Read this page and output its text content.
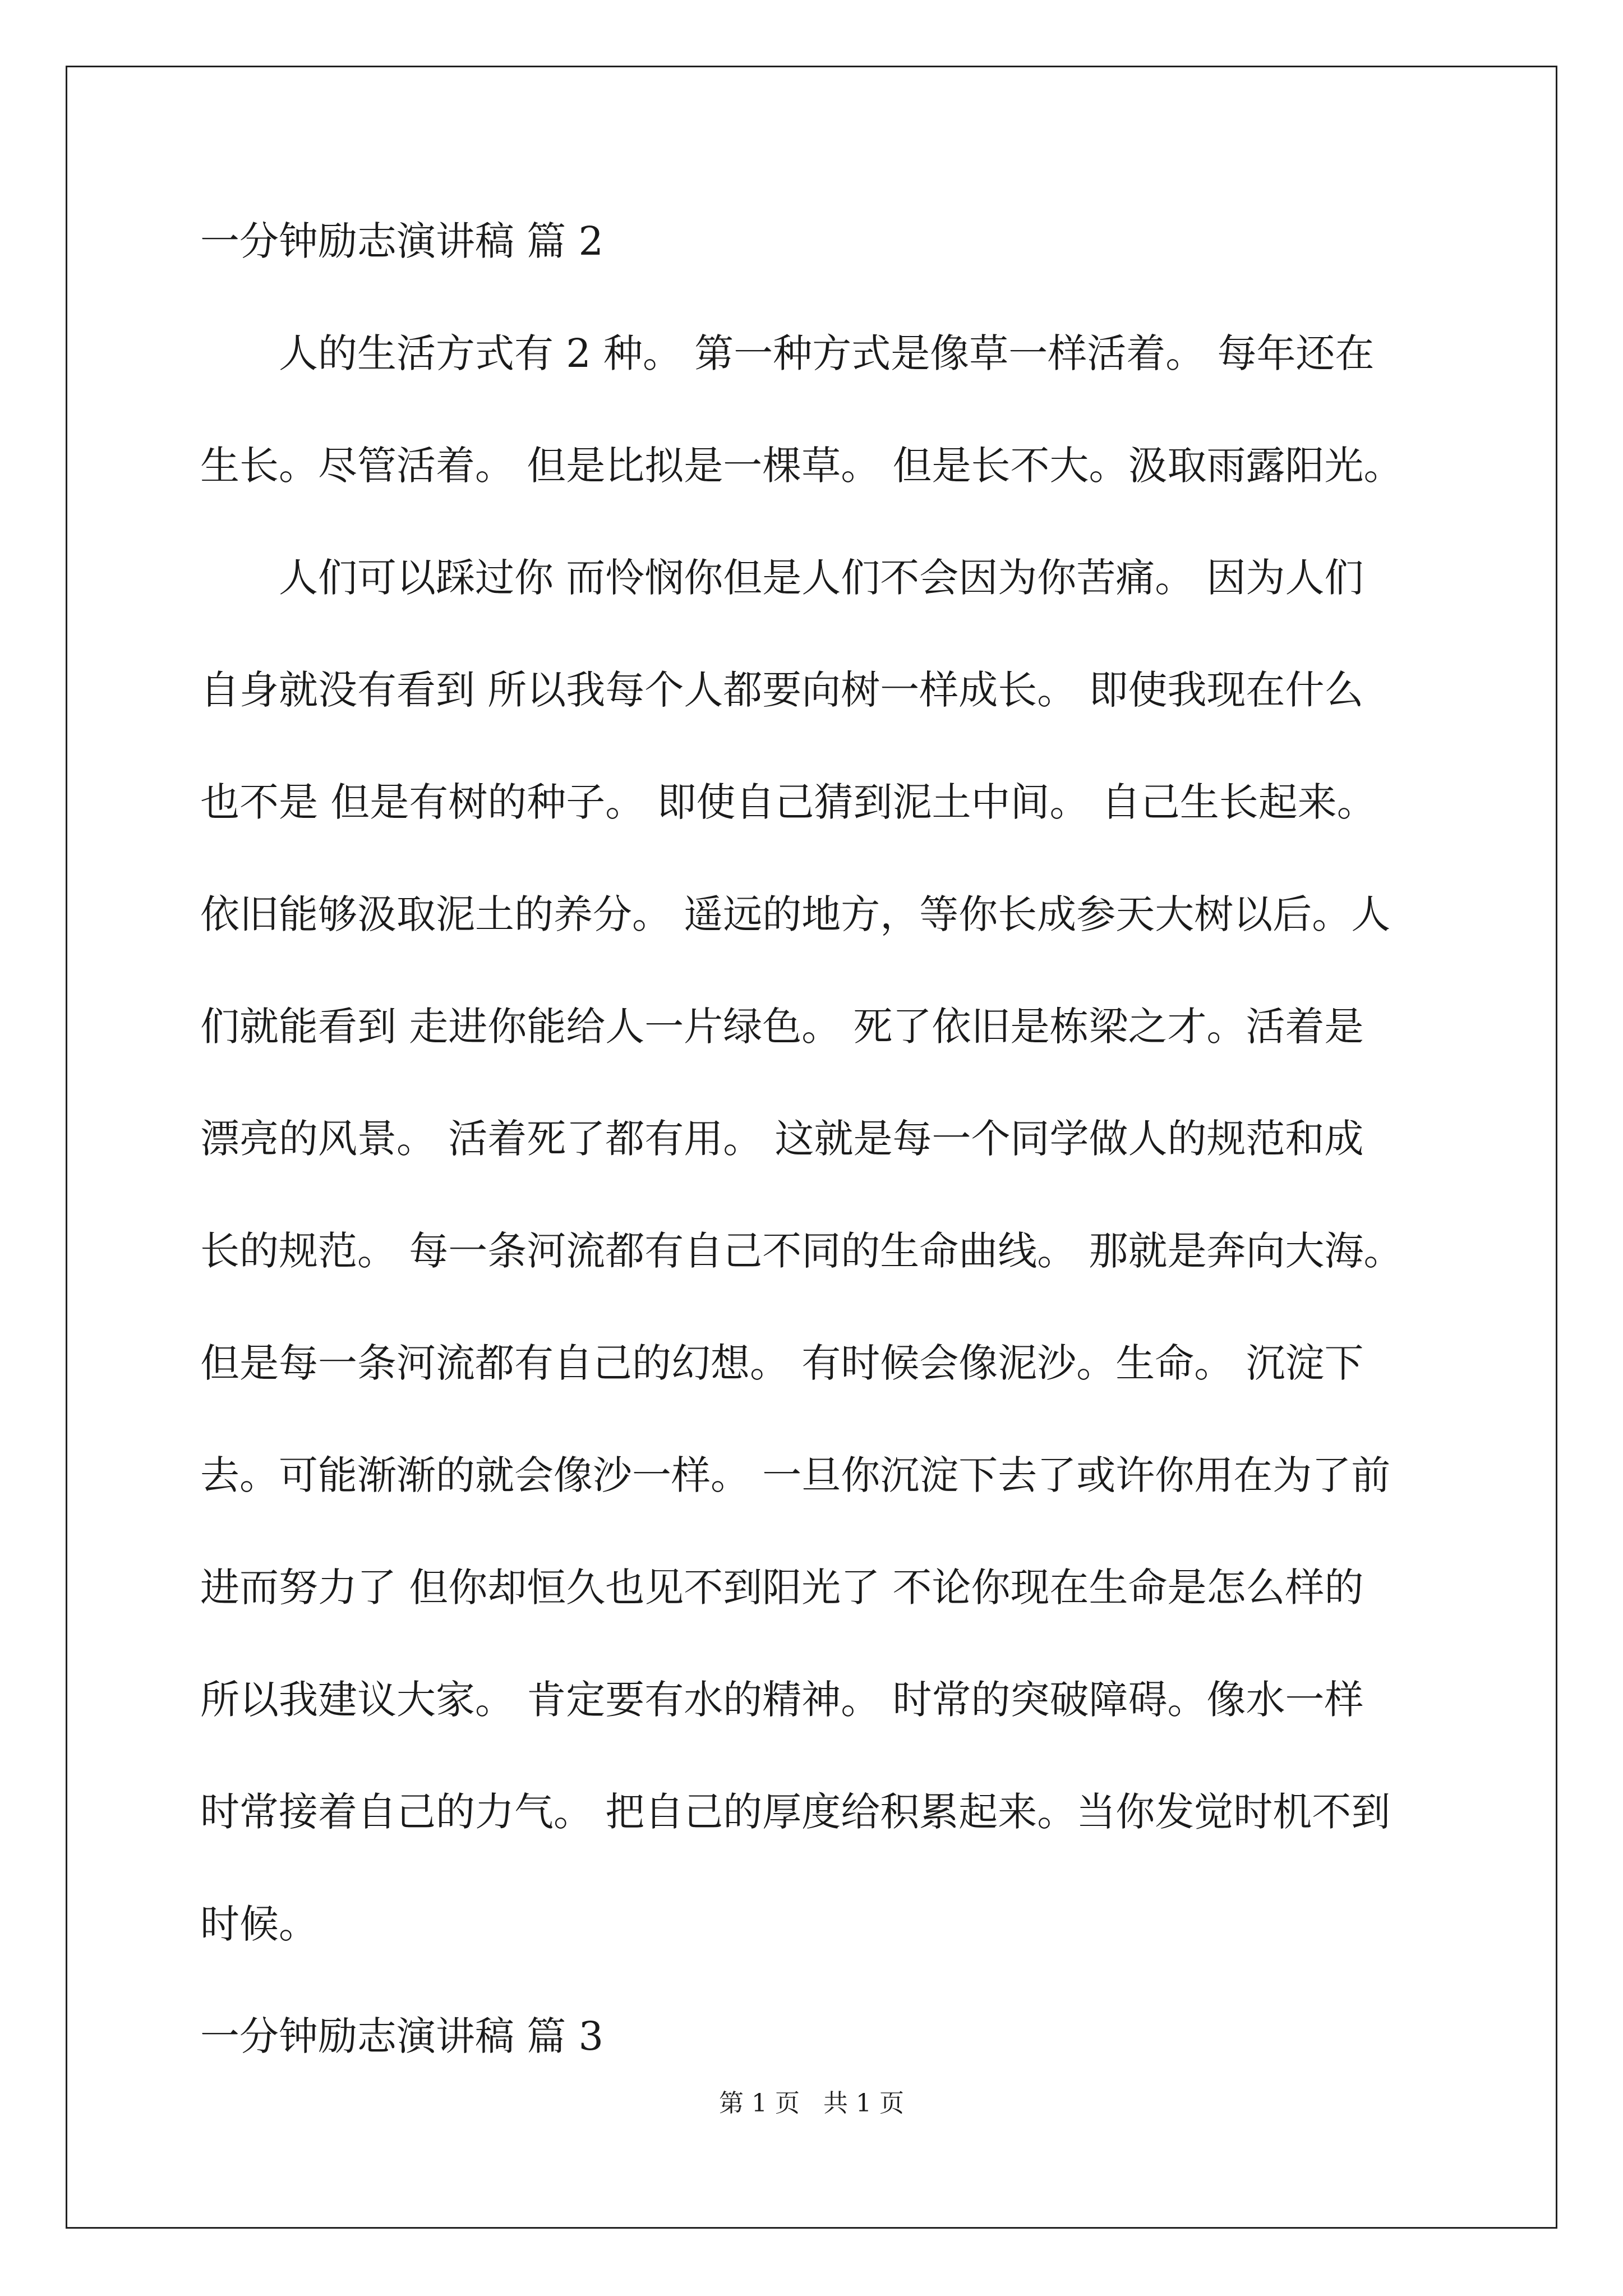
一分钟励志演讲稿 篇 2
人的生活方式有 2 种。 第一种方式是像草一样活着。 每年还在
生长。尽管活着。 但是比拟是一棵草。 但是长不大。汲取雨露阳光。
人们可以踩过你 而怜悯你但是人们不会因为你苦痛。 因为人们
自身就没有看到 所以我每个人都要向树一样成长。 即使我现在什么
也不是 但是有树的种子。 即使自己猜到泥土中间。 自己生长起来。
依旧能够汲取泥土的养分。 遥远的地方，等你长成参天大树以后。人
们就能看到 走进你能给人一片绿色。 死了依旧是栋梁之才。活着是
漂亮的风景。 活着死了都有用。 这就是每一个同学做人的规范和成
长的规范。 每一条河流都有自己不同的生命曲线。 那就是奔向大海。
但是每一条河流都有自己的幻想。 有时候会像泥沙。生命。 沉淀下
去。可能渐渐的就会像沙一样。 一旦你沉淀下去了或许你用在为了前
进而努力了 但你却恒久也见不到阳光了 不论你现在生命是怎么样的
所以我建议大家。 肯定要有水的精神。 时常的突破障碍。像水一样
时常接着自己的力气。 把自己的厚度给积累起来。当你发觉时机不到
时候。
一分钟励志演讲稿 篇 3
第 1 页   共 1 页
